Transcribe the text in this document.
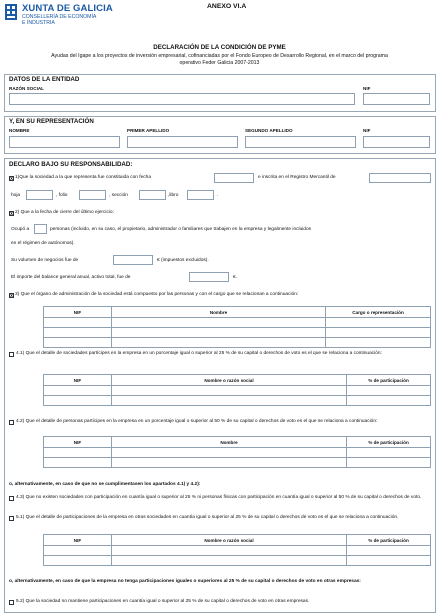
XUNTA DE GALICIA
CONSELLERÍA DE ECONOMÍA
E INDUSTRIA
ANEXO VI.A
DECLARACIÓN DE LA CONDICIÓN DE PYME
Ayudas del Igape a los proyectos de inversión empresarial, cofinanciadas por el Fondo Europeo de Desarrollo Regional, en el marco del programa operativo Feder Galicia 2007-2013
DATOS DE LA ENTIDAD
RAZÓN SOCIAL	NIF
Y, EN SU REPRESENTACIÓN
NOMBRE	PRIMER APELLIDO	SEGUNDO APELLIDO	NIF
DECLARO BAJO SU RESPONSABILIDAD:
x 1)Que la sociedad a la que representa fue constituida con fecha	e inscrita en el Registro Mercantil de
hoja	, folio	, sección	,libro	.
x 2) Que a la fecha de cierre del último ejercicio:
Ocupó a	personas (incluido, en su caso, el propietario, administrador o familiares que trabajen en la empresa y legalmente incluidos
en el régimen de autónomos).
Su volumen de negocios fue de	€ (impuestos excluidos).
El importe del balance general anual, activo total, fue de	€.
x 3) Que el órgano de administración de la sociedad está compuesto por las personas y con el cargo que se relacionan a continuación:
NIF	Nombre	Cargo o representación

4.1) Que el detalle de sociedades partícipes en la empresa en un porcentaje igual o superior al 25 % de su capital o derechos de voto es el que se relaciona a continuación:
NIF	Nombre o razón social	% de participación

4.2) Que el detalle de personas partícipes en la empresa en un porcentaje igual o superior al 50 % de su capital o derechos de voto es el que se relaciona a continuación:
NIF	Nombre	% de participación

o, alternativamente, en caso de que no se cumplimentasen los apartados 4.1) y 4.2):
4.3) Que no existen sociedades con participación en cuantía igual o superior al 25 % ni personas físicas con participación en cuantía igual o superior al 50 % de su capital o derechos de voto.
5.1) Que el detalle de participaciones de la empresa en otras sociedades en cuantía igual o superior al 25 % de su capital o derechos de voto es el que se relaciona a continuación.
NIF	Nombre o razón social	% de participación

o, alternativamente, en caso de que la empresa no tenga participaciones iguales o superiores al 25 % de su capital o derechos de voto en otras empresas:
5.2) Que la sociedad no mantiene participaciones en cuantía igual o superior al 25 % de su capital o derechos de voto en otras empresas.
